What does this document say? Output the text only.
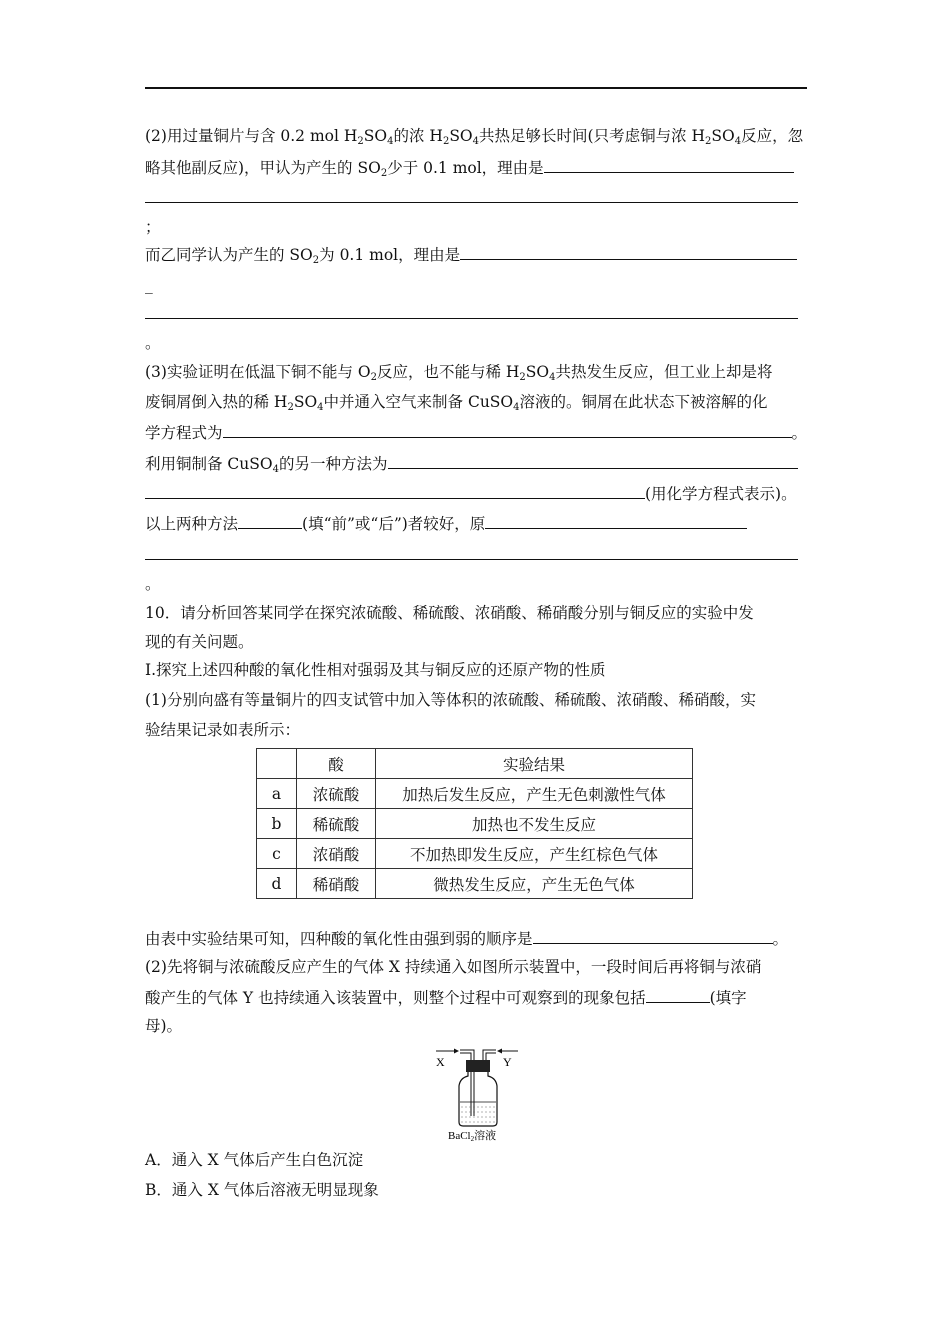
(2)用过量铜片与含 0.2 mol $H_2SO_4$的浓 $H_2SO_4$共热足够长时间(只考虑铜与浓 $H_2SO_4$反应，忽
略其他副反应)，甲认为产生的 $SO_2$少于 0.1 mol，理由是
；
而乙同学认为产生的 $SO_2$为 0.1 mol，理由是
_
。
(3)实验证明在低温下铜不能与 $O_2$反应，也不能与稀 $H_2SO_4$共热发生反应，但工业上却是将
废铜屑倒入热的稀 $H_2SO_4$中并通入空气来制备 CuSO$_4$溶液的。铜屑在此状态下被溶解的化
学方程式为	。
利用铜制备 CuSO$_4$的另一种方法为
(用化学方程式表示)。
以上两种方法	(填“前”或“后”)者较好，原
。
10．请分析回答某同学在探究浓硫酸、稀硫酸、浓硝酸、稀硝酸分别与铜反应的实验中发
现的有关问题。
Ⅰ.探究上述四种酸的氧化性相对强弱及其与铜反应的还原产物的性质
(1)分别向盛有等量铜片的四支试管中加入等体积的浓硫酸、稀硫酸、浓硝酸、稀硝酸，实
验结果记录如表所示：
	酸	实验结果
a	浓硫酸	加热后发生反应，产生无色刺激性气体
b	稀硫酸	加热也不发生反应
c	浓硝酸	不加热即发生反应，产生红棕色气体
d	稀硝酸	微热发生反应，产生无色气体
由表中实验结果可知，四种酸的氧化性由强到弱的顺序是	。
(2)先将铜与浓硫酸反应产生的气体 X 持续通入如图所示装置中，一段时间后再将铜与浓硝
酸产生的气体 Y 也持续通入该装置中，则整个过程中可观察到的现象包括	(填字
母)。
X	Y
BaCl2溶液
A．通入 X 气体后产生白色沉淀
B．通入 X 气体后溶液无明显现象
